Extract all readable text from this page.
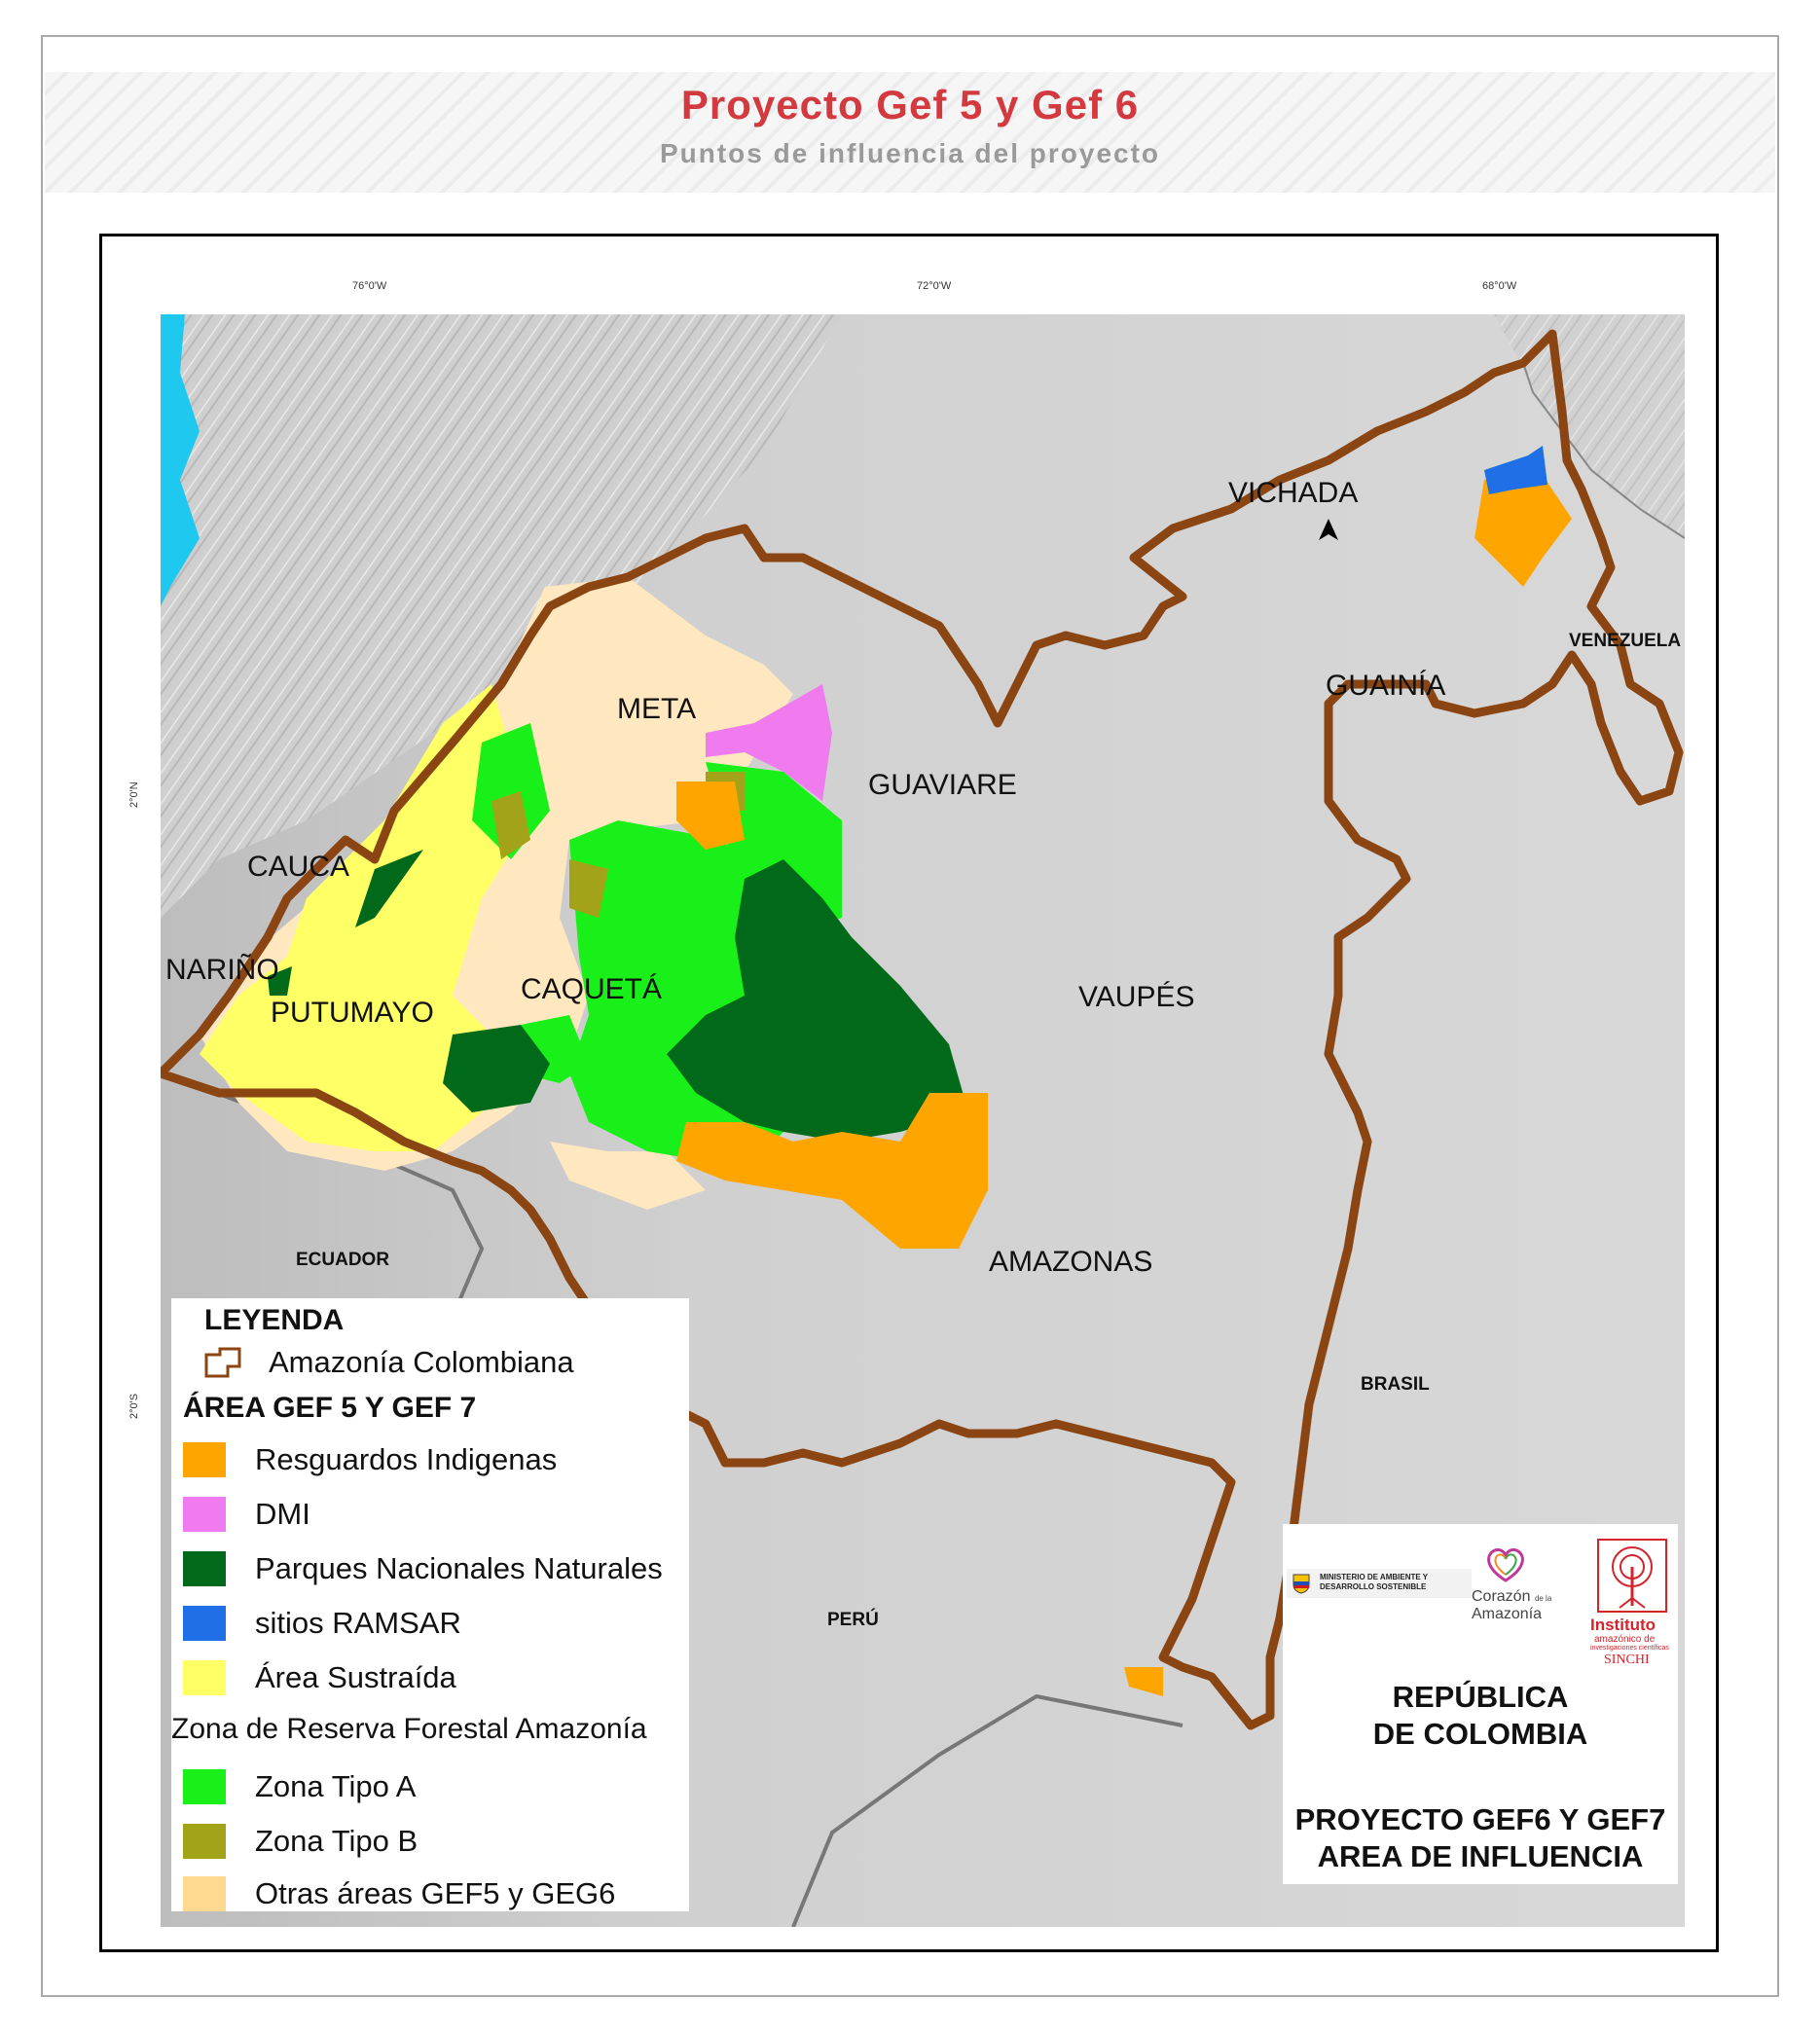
Proyecto Gef 5 y Gef 6
Puntos de influencia del proyecto
76°0'W	72°0'W	68°0'W
2°0'N
2°0'S
VICHADA
META
GUAVIARE
GUAINÍA
CAUCA
NARIÑO
CAQUETÁ
PUTUMAYO	VAUPÉS
AMAZONAS
VENEZUELA
ECUADOR
BRASIL
PERÚ
LEYENDA
Amazonía Colombiana
ÁREA GEF 5 Y GEF 7
Resguardos Indigenas
DMI
Parques Nacionales Naturales
sitios RAMSAR
Área Sustraída
Zona de Reserva Forestal Amazonía
Zona Tipo A
Zona Tipo B
Otras áreas GEF5 y GEG6
MINISTERIO DE AMBIENTE Y DESARROLLO SOSTENIBLE
Corazón de la
Amazonía
Instituto
amazónico de
investigaciones científicas
SINCHI
REPÚBLICA
DE COLOMBIA
PROYECTO GEF6 Y GEF7
AREA DE INFLUENCIA
